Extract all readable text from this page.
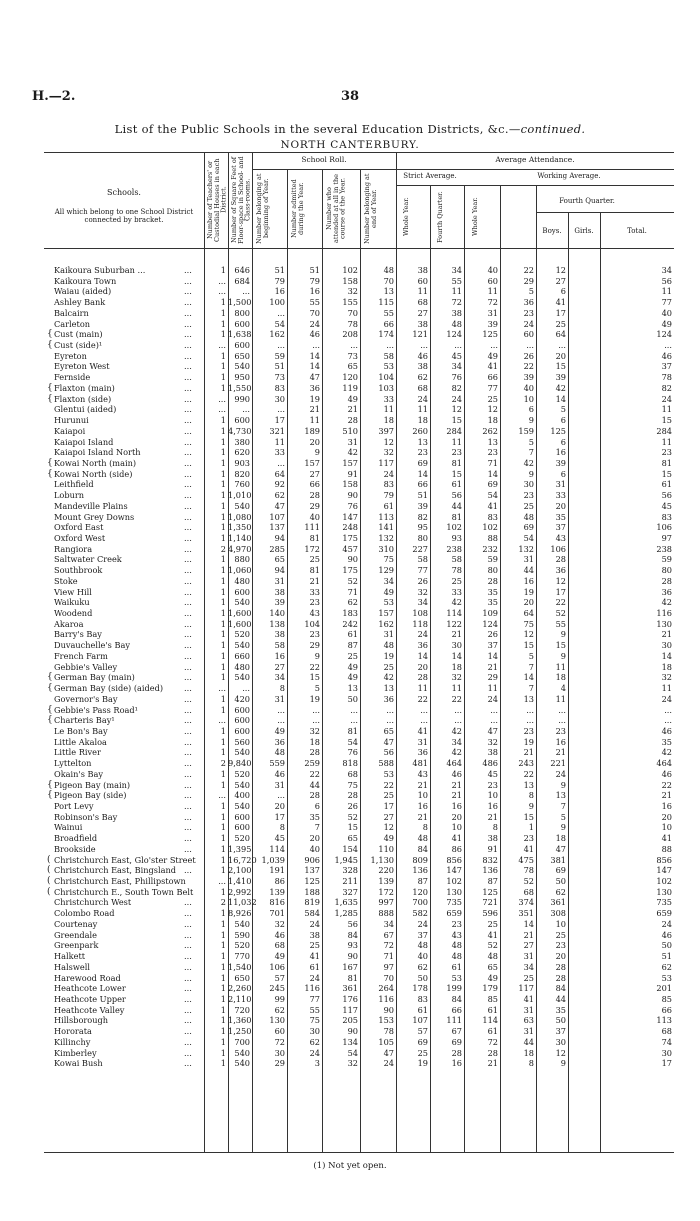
H.—2.	38
List of the Public Schools in the several Education Districts, &c.—continued.
NORTH CANTERBURY.
Schools.
All which belong to one School District connected by bracket.	Number of Teachers' or Custodial Houses in each District. Number of Square Feet of Floor-space in School- and Class-rooms.
School Roll.
Number belonging at beginning of Year.	Number admitted during the Year.	Number who attended at all in the course of the Year.	Number belonging at end of Year.
Average Attendance.
Strict Average.	Working Average.
Whole Year.	Fourth Quarter.	Whole Year.	Fourth Quarter.
Boys.	Girls.	Total.
Kaikoura Suburban ...	...	1	646	51	51	102	48	38	34	40	22	12	34
Kaikoura Town	...	...	684	79	79	158	70	60	55	60	29	27	56
Waiau (aided)	...	...	...	16	16	32	13	11	11	11	5	6	11
Ashley Bank	...	1 1,500	100	55	155	115	68	72	72	36	41	77
Balcairn	...	1	800	...	70	70	55	27	38	31	23	17	40
Carleton	...	1	600	54	24	78	66	38	48	39	24	25	49
{ Cust (main)	...	1 1,638	162	46	208	174	121	124	125	60	64	124
{ Cust (side)¹	...	...	600	...	...	...	...	...	...	...	...	...	...
Eyreton	...	1	650	59	14	73	58	46	45	49	26	20	46
Eyreton West	...	1	540	51	14	65	53	38	34	41	22	15	37
Fernside	...	1	950	73	47	120	104	62	76	66	39	39	78
{ Flaxton (main)	...	1 1,550	83	36	119	103	68	82	77	40	42	82
{ Flaxton (side)	...	...	990	30	19	49	33	24	24	25	10	14	24
Glentui (aided)	...	...	...	...	21	21	11	11	12	12	6	5	11
Hurunui	...	1	600	17	11	28	18	18	15	18	9	6	15
Kaiapoi	...	1 4,730	321	189	510	397	260	284	262	159	125	284
Kaiapoi Island	...	1	380	11	20	31	12	13	11	13	5	6	11
Kaiapoi Island North	...	1	620	33	9	42	32	23	23	23	7	16	23
{ Kowai North (main)	...	1	903	...	157	157	117	69	81	71	42	39	81
{ Kowai North (side)	...	1	820	64	27	91	24	14	15	14	9	6	15
Leithfield	...	1	760	92	66	158	83	66	61	69	30	31	61
Loburn	...	1 1,010	62	28	90	79	51	56	54	23	33	56
Mandeville Plains	...	1	540	47	29	76	61	39	44	41	25	20	45
Mount Grey Downs	...	1 1,080	107	40	147	113	82	81	83	48	35	83
Oxford East	...	1 1,350	137	111	248	141	95	102	102	69	37	106
Oxford West	...	1 1,140	94	81	175	132	80	93	88	54	43	97
Rangiora	...	2 4,970	285	172	457	310	227	238	232	132	106	238
Saltwater Creek	...	1	880	65	25	90	75	58	58	59	31	28	59
Southbrook	...	1 1,060	94	81	175	129	77	78	80	44	36	80
Stoke	...	1	480	31	21	52	34	26	25	28	16	12	28
View Hill	...	1	600	38	33	71	49	32	33	35	19	17	36
Waikuku	...	1	540	39	23	62	53	34	42	35	20	22	42
Woodend	...	1 1,600	140	43	183	157	108	114	109	64	52	116
Akaroa	...	1 1,600	138	104	242	162	118	122	124	75	55	130
Barry's Bay	...	1	520	38	23	61	31	24	21	26	12	9	21
Duvauchelle's Bay	...	1	540	58	29	87	48	36	30	37	15	15	30
French Farm	...	1	660	16	9	25	19	14	14	14	5	9	14
Gebbie's Valley	...	1	480	27	22	49	25	20	18	21	7	11	18
{ German Bay (main)	...	1	540	34	15	49	42	28	32	29	14	18	32
{ German Bay (side) (aided)	...	...	...	8	5	13	13	11	11	11	7	4	11
Governor's Bay	...	1	420	31	19	50	36	22	22	24	13	11	24
{ Gebbie's Pass Road¹	...	1	600	...	...	...	...	...	...	...	...	...	...
{ Charteris Bay¹	...	...	600	...	...	...	...	...	...	...	...	...	...
Le Bon's Bay	...	1	600	49	32	81	65	41	42	47	23	23	46
Little Akaloa	...	1	560	36	18	54	47	31	34	32	19	16	35
Little River	...	1	540	48	28	76	56	36	42	38	21	21	42
Lyttelton	...	2 9,840	559	259	818	588	481	464	486	243	221	464
Okain's Bay	...	1	520	46	22	68	53	43	46	45	22	24	46
{ Pigeon Bay (main)	...	1	540	31	44	75	22	21	21	23	13	9	22
{ Pigeon Bay (side)	...	...	400	...	28	28	25	10	21	10	8	13	21
Port Levy	...	1	540	20	6	26	17	16	16	16	9	7	16
Robinson's Bay	...	1	600	17	35	52	27	21	20	21	15	5	20
Wainui	...	1	600	8	7	15	12	8	10	8	1	9	10
Broadfield	...	1	520	45	20	65	49	48	41	38	23	18	41
Brookside	...	1 1,395	114	40	154	110	84	86	91	41	47	88
( Christchurch East, Glo'ster Street	1 16,720 1,039	906	1,945	1,130	809	856	832	475	381	856
( Christchurch East, Bingsland ...	1 2,100	191	137	328	220	136	147	136	78	69	147
( Christchurch East, Phillipstown	... 1,410	86	125	211	139	87	102	87	52	50	102
( Christchurch E., South Town Belt	1 2,992	139	188	327	172	120	130	125	68	62	130
Christchurch West	...	2 11,032	816	819	1,635	997	700	735	721	374	361	735
Colombo Road	...	1 8,926	701	584	1,285	888	582	659	596	351	308	659
Courtenay	...	1	540	32	24	56	34	24	23	25	14	10	24
Greendale	...	1	590	46	38	84	67	37	43	41	21	25	46
Greenpark	...	1	520	68	25	93	72	48	48	52	27	23	50
Halkett	...	1	770	49	41	90	71	40	48	48	31	20	51
Halswell	...	1 1,540	106	61	167	97	62	61	65	34	28	62
Harewood Road	...	1	650	57	24	81	70	50	53	49	25	28	53
Heathcote Lower	...	1 2,260	245	116	361	264	178	199	179	117	84	201
Heathcote Upper	...	1 2,110	99	77	176	116	83	84	85	41	44	85
Heathcote Valley	...	1	720	62	55	117	90	61	66	61	31	35	66
Hillsborough	...	1 1,360	130	75	205	153	107	111	114	63	50	113
Hororata	...	1 1,250	60	30	90	78	57	67	61	31	37	68
Killinchy	...	1	700	72	62	134	105	69	69	72	44	30	74
Kimberley	...	1	540	30	24	54	47	25	28	28	18	12	30
Kowai Bush	...	1	540	29	3	32	24	19	16	21	8	9	17
(1) Not yet open.
